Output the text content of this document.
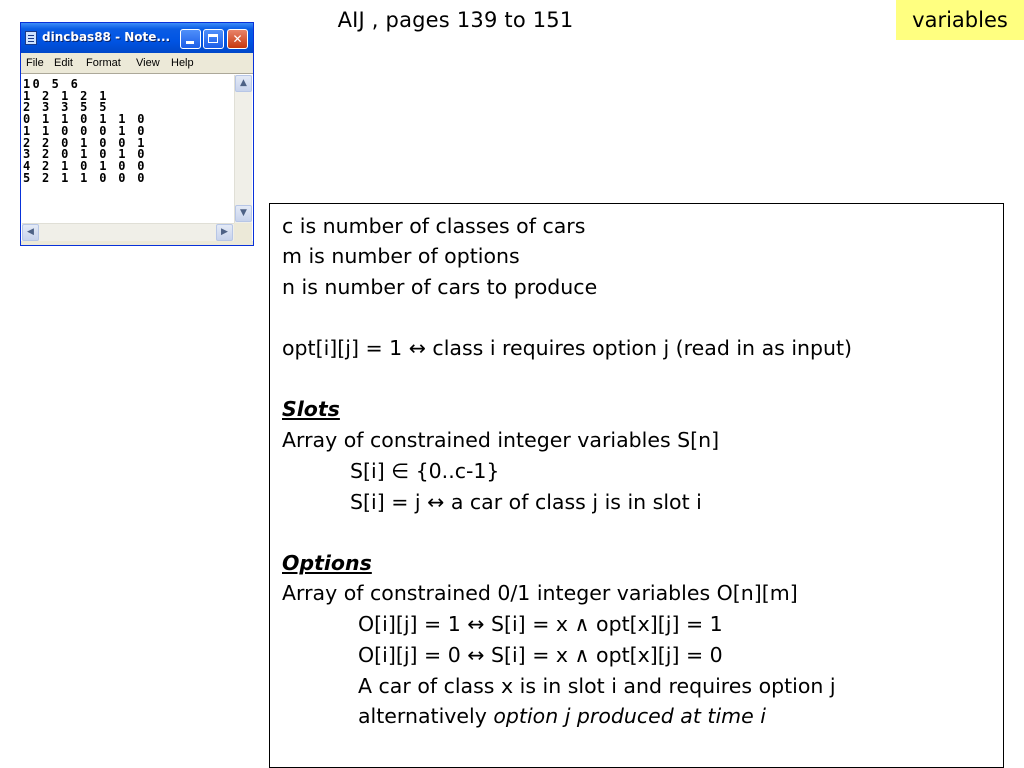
AIJ , pages 139 to 151	variables
dincbas88 - Note...	✕
File Edit Format View Help
10 5 6
1 2 1 2 1
2 3 3 5 5
0 1 1 0 1 1 0
1 1 0 0 0 1 0
2 2 0 1 0 0 1
3 2 0 1 0 1 0
4 2 1 0 1 0 0
5 2 1 1 0 0 0
▲
▼
◀	▶	c is number of classes of cars
m is number of options
n is number of cars to produce
opt[i][j] = 1 ↔ class i requires option j (read in as input)
Slots
Array of constrained integer variables S[n]
S[i] ∈ {0..c-1}
S[i] = j ↔ a car of class j is in slot i
Options
Array of constrained 0/1 integer variables O[n][m]
O[i][j] = 1 ↔ S[i] = x ∧ opt[x][j] = 1
O[i][j] = 0 ↔ S[i] = x ∧ opt[x][j] = 0
A car of class x is in slot i and requires option j
alternatively option j produced at time i
